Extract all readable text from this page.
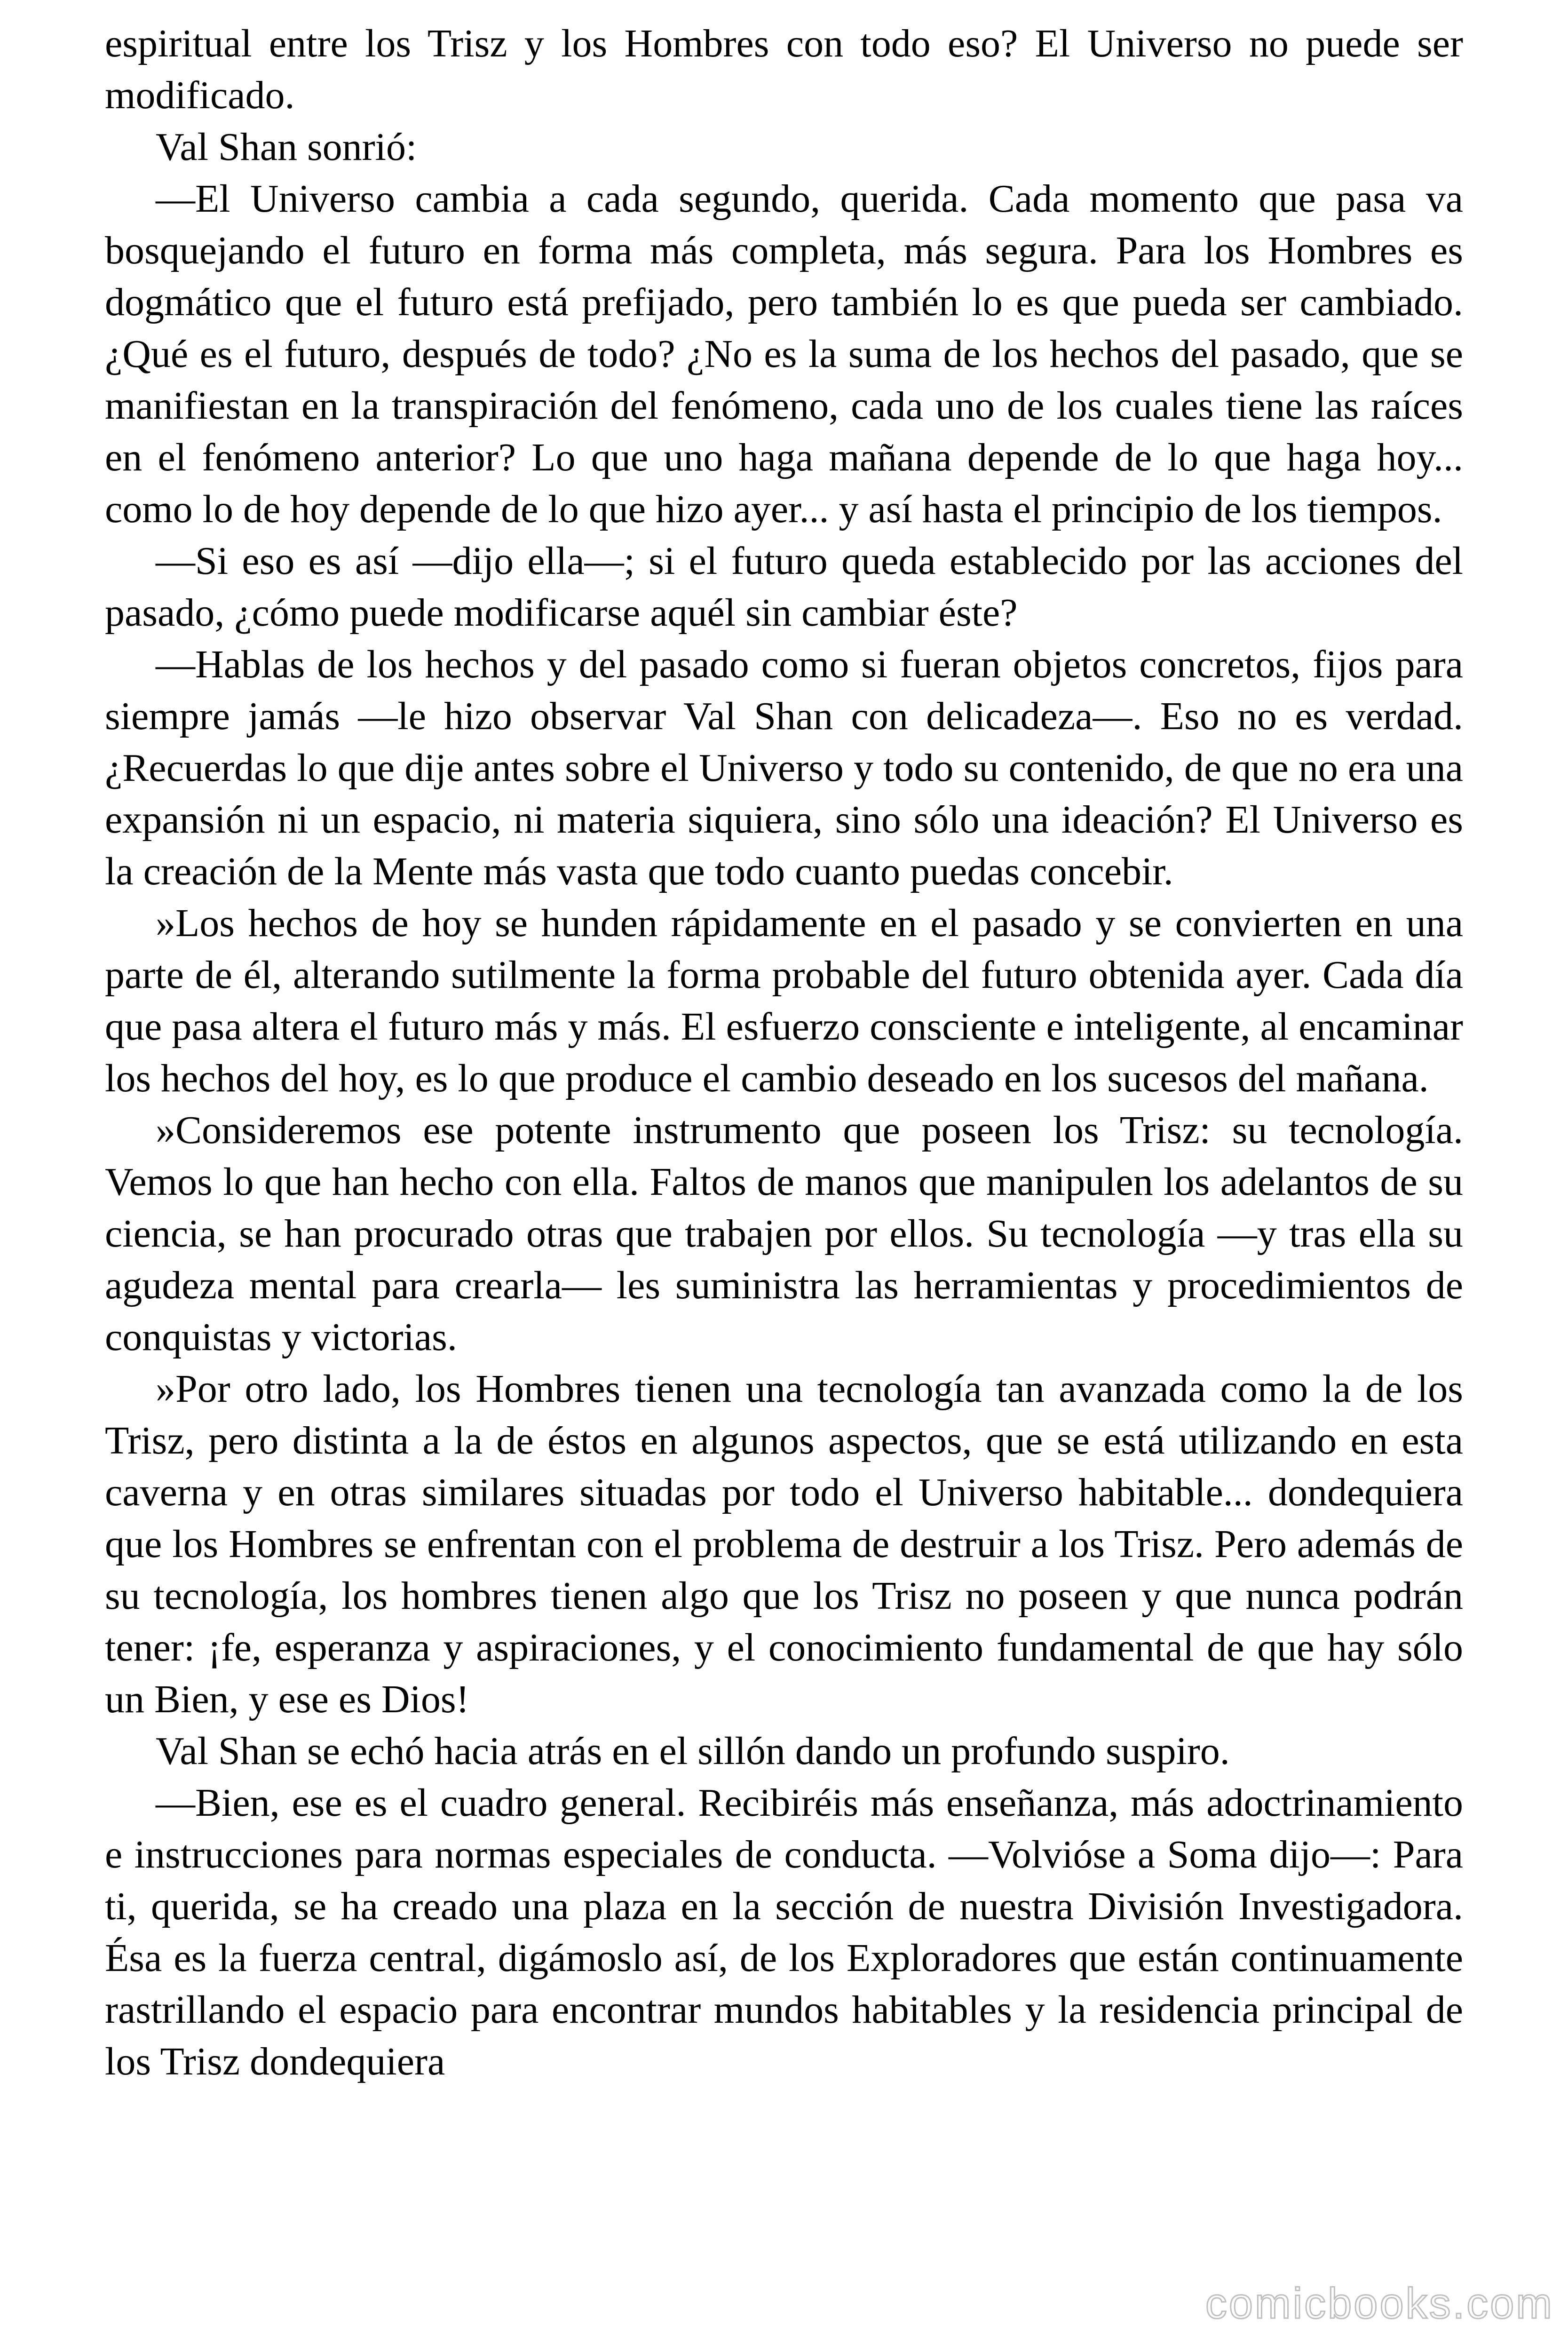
espiritual entre los Trisz y los Hombres con todo eso? El Universo no puede ser modificado.

Val Shan sonrió:

—El Universo cambia a cada segundo, querida. Cada momento que pasa va bosquejando el futuro en forma más completa, más segura. Para los Hombres es dogmático que el futuro está prefijado, pero también lo es que pueda ser cambiado. ¿Qué es el futuro, después de todo? ¿No es la suma de los hechos del pasado, que se manifiestan en la transpiración del fenómeno, cada uno de los cuales tiene las raíces en el fenómeno anterior? Lo que uno haga mañana depende de lo que haga hoy... como lo de hoy depende de lo que hizo ayer... y así hasta el principio de los tiempos.

—Si eso es así —dijo ella—; si el futuro queda establecido por las acciones del pasado, ¿cómo puede modificarse aquél sin cambiar éste?

—Hablas de los hechos y del pasado como si fueran objetos concretos, fijos para siempre jamás —le hizo observar Val Shan con delicadeza—. Eso no es verdad. ¿Recuerdas lo que dije antes sobre el Universo y todo su contenido, de que no era una expansión ni un espacio, ni materia siquiera, sino sólo una ideación? El Universo es la creación de la Mente más vasta que todo cuanto puedas concebir.

»Los hechos de hoy se hunden rápidamente en el pasado y se convierten en una parte de él, alterando sutilmente la forma probable del futuro obtenida ayer. Cada día que pasa altera el futuro más y más. El esfuerzo consciente e inteligente, al encaminar los hechos del hoy, es lo que produce el cambio deseado en los sucesos del mañana.

»Consideremos ese potente instrumento que poseen los Trisz: su tecnología. Vemos lo que han hecho con ella. Faltos de manos que manipulen los adelantos de su ciencia, se han procurado otras que trabajen por ellos. Su tecnología —y tras ella su agudeza mental para crearla— les suministra las herramientas y procedimientos de conquistas y victorias.

»Por otro lado, los Hombres tienen una tecnología tan avanzada como la de los Trisz, pero distinta a la de éstos en algunos aspectos, que se está utilizando en esta caverna y en otras similares situadas por todo el Universo habitable... dondequiera que los Hombres se enfrentan con el problema de destruir a los Trisz. Pero además de su tecnología, los hombres tienen algo que los Trisz no poseen y que nunca podrán tener: ¡fe, esperanza y aspiraciones, y el conocimiento fundamental de que hay sólo un Bien, y ese es Dios!

Val Shan se echó hacia atrás en el sillón dando un profundo suspiro.

—Bien, ese es el cuadro general. Recibiréis más enseñanza, más adoctrinamiento e instrucciones para normas especiales de conducta. —Volvióse a Soma dijo—: Para ti, querida, se ha creado una plaza en la sección de nuestra División Investigadora. Ésa es la fuerza central, digámoslo así, de los Exploradores que están continuamente rastrillando el espacio para encontrar mundos habitables y la residencia principal de los Trisz dondequiera

comicbooks.com
